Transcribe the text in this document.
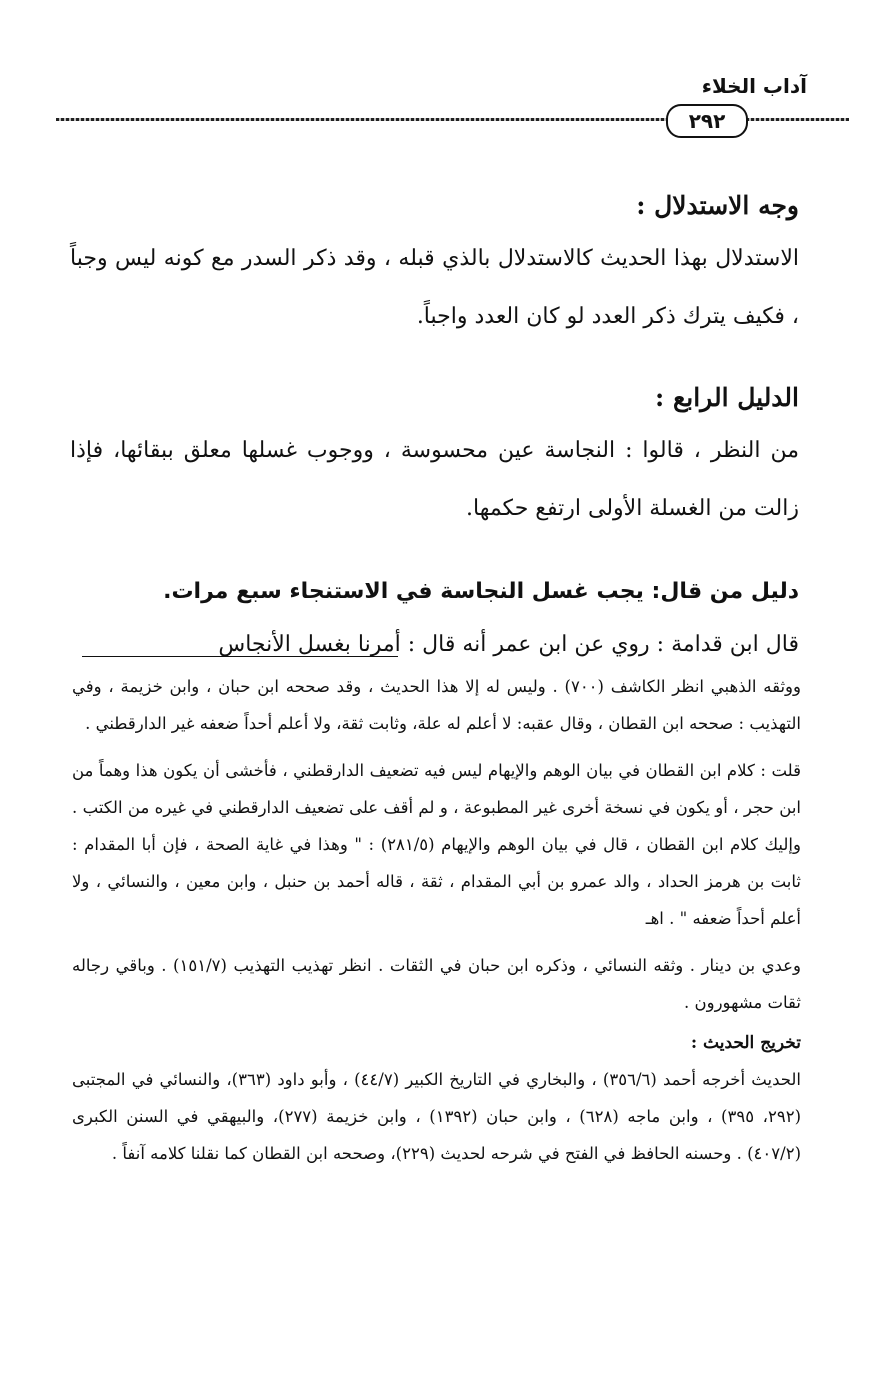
آداب الخلاء
٢٩٢

وجه الاستدلال :

الاستدلال بهذا الحديث كالاستدلال بالذي قبله ، وقد ذكر السدر مع كونه ليس وجباً ، فكيف يترك ذكر العدد لو كان العدد واجباً.

الدليل الرابع :

من النظر ، قالوا : النجاسة عين محسوسة ، ووجوب غسلها معلق ببقائها، فإذا زالت من الغسلة الأولى ارتفع حكمها.

دليل من قال: يجب غسل النجاسة في الاستنجاء سبع مرات.

قال ابن قدامة : روي عن ابن عمر أنه قال : أمرنا بغسل الأنجاس

ووثقه الذهبي انظر الكاشف (٧٠٠) . وليس له إلا هذا الحديث ، وقد صححه ابن حبان ، وابن خزيمة ، وفي التهذيب : صححه ابن القطان ، وقال عقبه: لا أعلم له علة، وثابت ثقة، ولا أعلم أحداً ضعفه غير الدارقطني .

قلت : كلام ابن القطان في بيان الوهم والإيهام ليس فيه تضعيف الدارقطني ، فأخشى أن يكون هذا وهماً من ابن حجر ، أو يكون في نسخة أخرى غير المطبوعة ، و لم أقف على تضعيف الدارقطني في غيره من الكتب . وإليك كلام ابن القطان ، قال في بيان الوهم والإيهام (٢٨١/٥) : " وهذا في غاية الصحة ، فإن أبا المقدام : ثابت بن هرمز الحداد ، والد عمرو بن أبي المقدام ، ثقة ، قاله أحمد بن حنبل ، وابن معين ، والنسائي ، ولا أعلم أحداً ضعفه " . اهـ

وعدي بن دينار . وثقه النسائي ، وذكره ابن حبان في الثقات . انظر تهذيب التهذيب (١٥١/٧) . وباقي رجاله ثقات مشهورون .

تخريج الحديث :

الحديث أخرجه أحمد (٣٥٦/٦) ، والبخاري في التاريخ الكبير (٤٤/٧) ، وأبو داود (٣٦٣)، والنسائي في المجتبى (٢٩٢، ٣٩٥) ، وابن ماجه (٦٢٨) ، وابن حبان (١٣٩٢) ، وابن خزيمة (٢٧٧)، والبيهقي في السنن الكبرى (٤٠٧/٢) . وحسنه الحافظ في الفتح في شرحه لحديث (٢٢٩)، وصححه ابن القطان كما نقلنا كلامه آنفاً .
